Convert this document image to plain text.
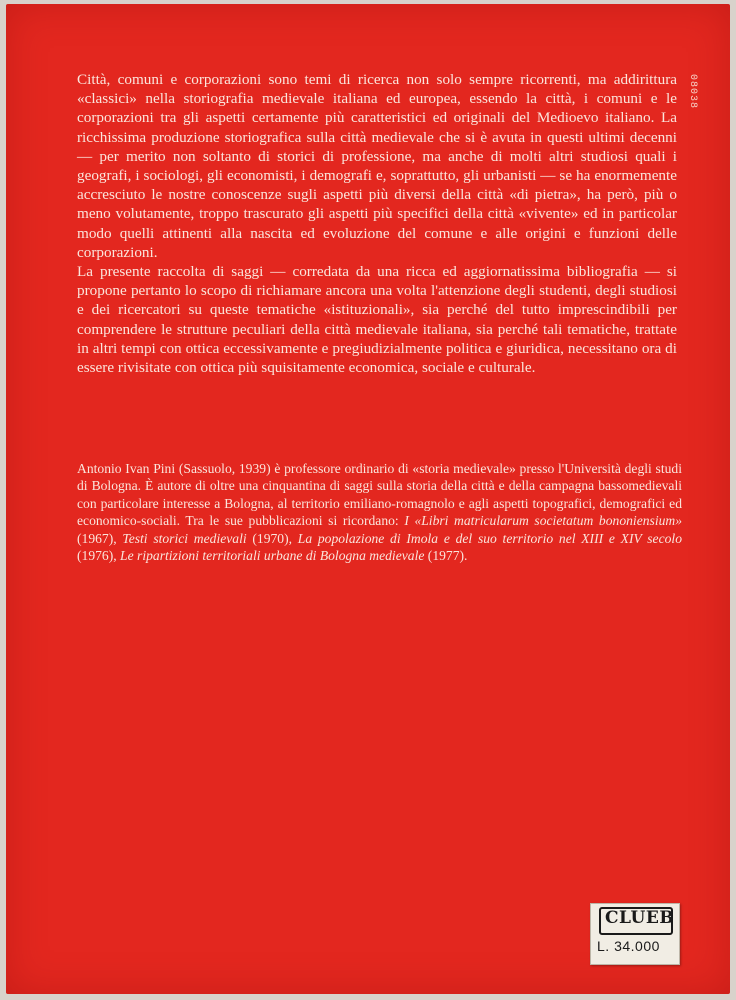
08038

Città, comuni e corporazioni sono temi di ricerca non solo sempre ricorrenti, ma addirittura «classici» nella storiografia medievale italiana ed europea, essendo la città, i comuni e le corporazioni tra gli aspetti certamente più caratteristici ed originali del Medioevo italiano. La ricchissima produzione storiografica sulla città medievale che si è avuta in questi ultimi decenni — per merito non soltanto di storici di professione, ma anche di molti altri studiosi quali i geografi, i sociologi, gli economisti, i demografi e, soprattutto, gli urbanisti — se ha enormemente accresciuto le nostre conoscenze sugli aspetti più diversi della città «di pietra», ha però, più o meno volutamente, troppo trascurato gli aspetti più specifici della città «vivente» ed in particolar modo quelli attinenti alla nascita ed evoluzione del comune e alle origini e funzioni delle corporazioni.

La presente raccolta di saggi — corredata da una ricca ed aggiornatissima bibliografia — si propone pertanto lo scopo di richiamare ancora una volta l'attenzione degli studenti, degli studiosi e dei ricercatori su queste tematiche «istituzionali», sia perché del tutto imprescindibili per comprendere le strutture peculiari della città medievale italiana, sia perché tali tematiche, trattate in altri tempi con ottica eccessivamente e pregiudizialmente politica e giuridica, necessitano ora di essere rivisitate con ottica più squisitamente economica, sociale e culturale.

Antonio Ivan Pini (Sassuolo, 1939) è professore ordinario di «storia medievale» presso l'Università degli studi di Bologna. È autore di oltre una cinquantina di saggi sulla storia della città e della campagna bassomedievali con particolare interesse a Bologna, al territorio emiliano-romagnolo e agli aspetti topografici, demografici ed economico-sociali. Tra le sue pubblicazioni si ricordano: I «Libri matricularum societatum bononiensium» (1967), Testi storici medievali (1970), La popolazione di Imola e del suo territorio nel XIII e XIV secolo (1976), Le ripartizioni territoriali urbane di Bologna medievale (1977).

CLUEB
L. 34.000
